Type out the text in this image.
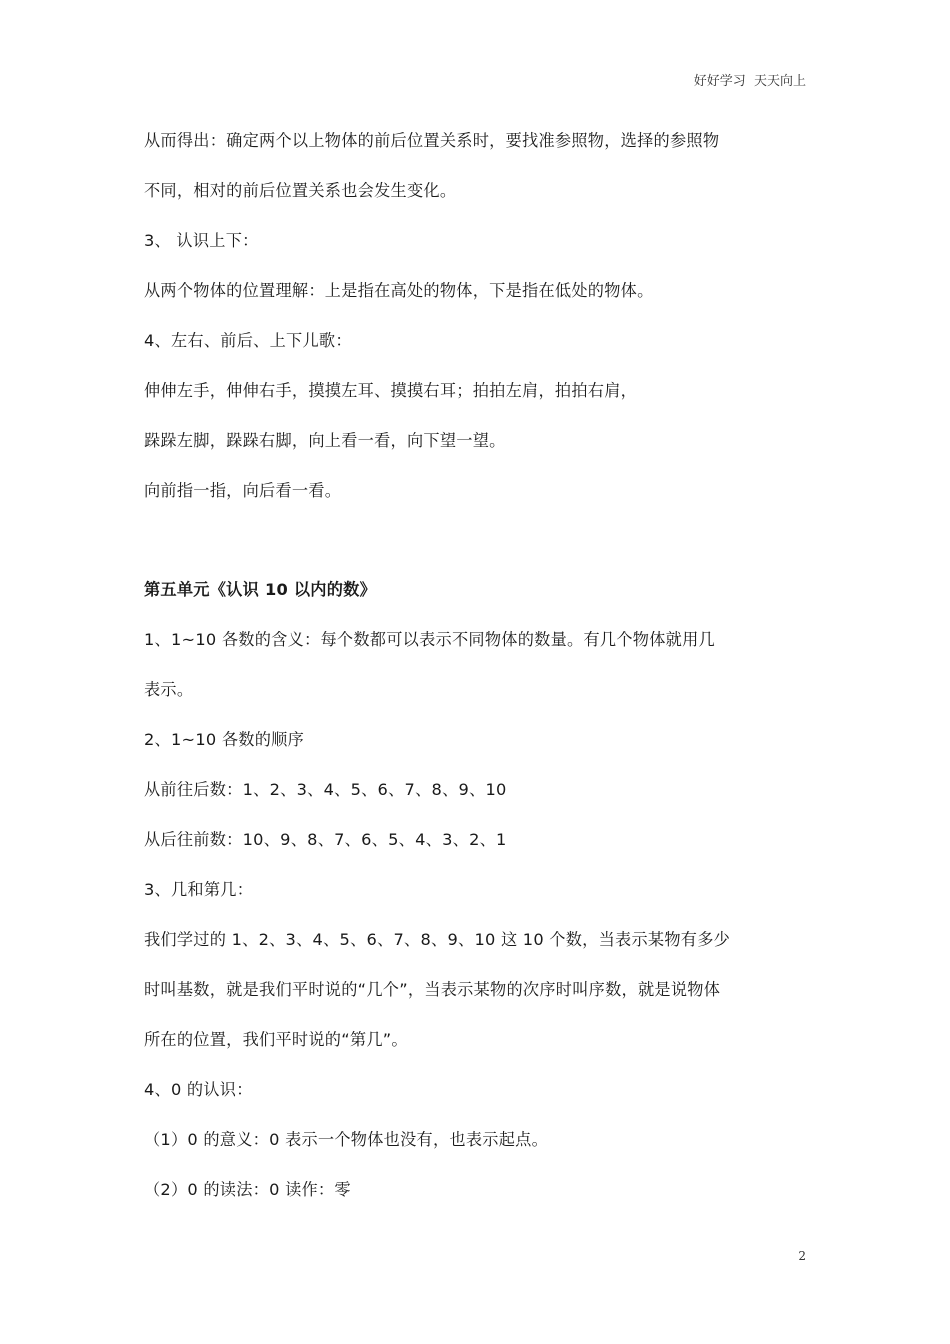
好好学习  天天向上
从而得出：确定两个以上物体的前后位置关系时，要找准参照物，选择的参照物
不同，相对的前后位置关系也会发生变化。
3、 认识上下：
从两个物体的位置理解：上是指在高处的物体，下是指在低处的物体。
4、左右、前后、上下儿歌：
伸伸左手，伸伸右手，摸摸左耳、摸摸右耳；拍拍左肩，拍拍右肩，
跺跺左脚，跺跺右脚，向上看一看，向下望一望。
向前指一指，向后看一看。
第五单元《认识 10 以内的数》
1、1~10 各数的含义：每个数都可以表示不同物体的数量。有几个物体就用几
表示。
2、1~10 各数的顺序
从前往后数：1、2、3、4、5、6、7、8、9、10
从后往前数：10、9、8、7、6、5、4、3、2、1
3、几和第几：
我们学过的 1、2、3、4、5、6、7、8、9、10 这 10 个数，当表示某物有多少
时叫基数，就是我们平时说的“几个”，当表示某物的次序时叫序数，就是说物体
所在的位置，我们平时说的“第几”。
4、0 的认识：
（1）0 的意义：0 表示一个物体也没有，也表示起点。
（2）0 的读法：0 读作：零
2
